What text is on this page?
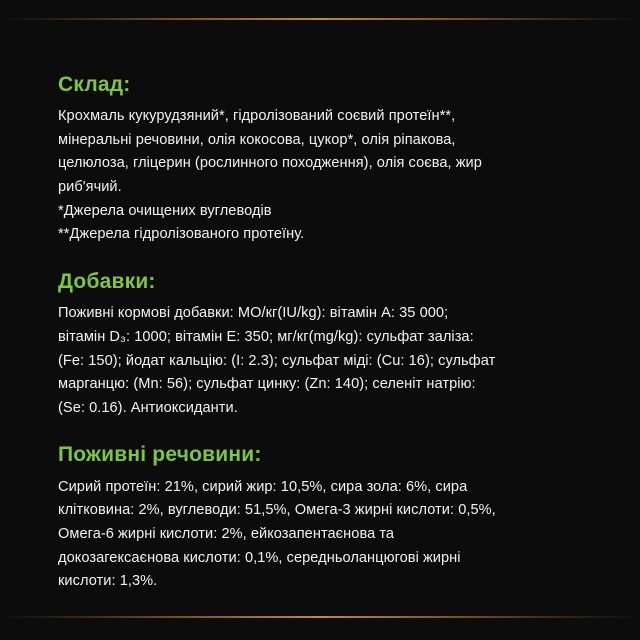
Склад:

Крохмаль кукурудзяний*, гідролізований соєвий протеїн**,
мінеральні речовини, олія кокосова, цукор*, олія ріпакова,
целюлоза, гліцерин (рослинного походження), олія соєва, жир
риб'ячий.
*Джерела очищених вуглеводів
**Джерела гідролізованого протеїну.

Добавки:

Поживні кормові добавки: МО/кг(IU/kg): вітамін А: 35 000;
вітамін D₃: 1000; вітамін Е: 350; мг/кг(mg/kg): сульфат заліза:
(Fe: 150); йодат кальцію: (I: 2.3); сульфат міді: (Cu: 16); сульфат
марганцю: (Mn: 56); сульфат цинку: (Zn: 140); селеніт натрію:
(Se: 0.16). Антиоксиданти.

Поживні речовини:

Сирий протеїн: 21%, сирий жир: 10,5%, сира зола: 6%, сира
клітковина: 2%, вуглеводи: 51,5%, Омега-3 жирні кислоти: 0,5%,
Омега-6 жирні кислоти: 2%, ейкозапентаєнова та
докозагексаєнова кислоти: 0,1%, середньоланцюгові жирні
кислоти: 1,3%.
